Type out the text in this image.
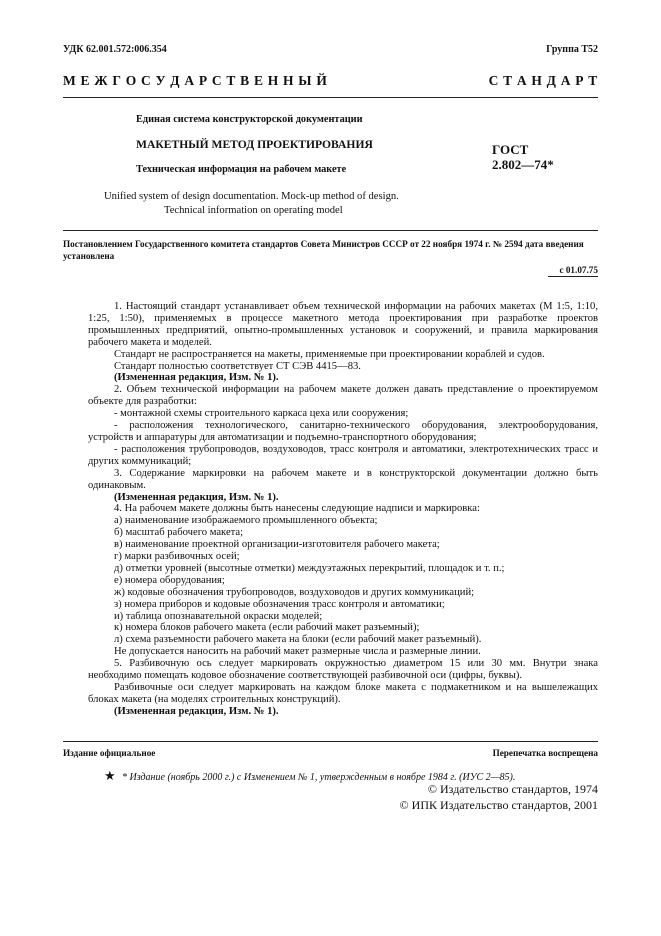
УДК 62.001.572:006.354	Группа Т52
М Е Ж Г О С У Д А Р С Т В Е Н Н Ы Й	С Т А Н Д А Р Т
Единая система конструкторской документации
МАКЕТНЫЙ МЕТОД ПРОЕКТИРОВАНИЯ
Техническая информация на рабочем макете
ГОСТ
2.802—74*
Unified system of design documentation. Mock-up method of design.
Technical information on operating model
Постановлением Государственного комитета стандартов Совета Министров СССР от 22 ноября 1974 г. № 2594 дата введения установлена
с 01.07.75
1. Настоящий стандарт устанавливает объем технической информации на рабочих макетах (М 1:5, 1:10, 1:25, 1:50), применяемых в процессе макетного метода проектирования при разработке проектов промышленных предприятий, опытно-промышленных установок и сооружений, и правила маркирования рабочего макета и моделей.
Стандарт не распространяется на макеты, применяемые при проектировании кораблей и судов.
Стандарт полностью соответствует СТ СЭВ 4415—83.
(Измененная редакция, Изм. № 1).
2. Объем технической информации на рабочем макете должен давать представление о проектируемом объекте для разработки:
- монтажной схемы строительного каркаса цеха или сооружения;
- расположения технологического, санитарно-технического оборудования, электрооборудования, устройств и аппаратуры для автоматизации и подъемно-транспортного оборудования;
- расположения трубопроводов, воздуховодов, трасс контроля и автоматики, электротехнических трасс и других коммуникаций;
3. Содержание маркировки на рабочем макете и в конструкторской документации должно быть одинаковым.
(Измененная редакция, Изм. № 1).
4. На рабочем макете должны быть нанесены следующие надписи и маркировка:
а) наименование изображаемого промышленного объекта;
б) масштаб рабочего макета;
в) наименование проектной организации-изготовителя рабочего макета;
г) марки разбивочных осей;
д) отметки уровней (высотные отметки) междуэтажных перекрытий, площадок и т. п.;
е) номера оборудования;
ж) кодовые обозначения трубопроводов, воздуховодов и других коммуникаций;
з) номера приборов и кодовые обозначения трасс контроля и автоматики;
и) таблица опознавательной окраски моделей;
к) номера блоков рабочего макета (если рабочий макет разъемный);
л) схема разъемности рабочего макета на блоки (если рабочий макет разъемный).
Не допускается наносить на рабочий макет размерные числа и размерные линии.
5. Разбивочную ось следует маркировать окружностью диаметром 15 или 30 мм. Внутри знака необходимо помещать кодовое обозначение соответствующей разбивочной оси (цифры, буквы).
Разбивочные оси следует маркировать на каждом блоке макета с подмакетником и на вышележащих блоках макета (на моделях строительных конструкций).
(Измененная редакция, Изм. № 1).
Издание официальное	Перепечатка воспрещена
★ * Издание (ноябрь 2000 г.) с Изменением № 1, утвержденным в ноябре 1984 г. (ИУС 2—85).
© Издательство стандартов, 1974
© ИПК Издательство стандартов, 2001
